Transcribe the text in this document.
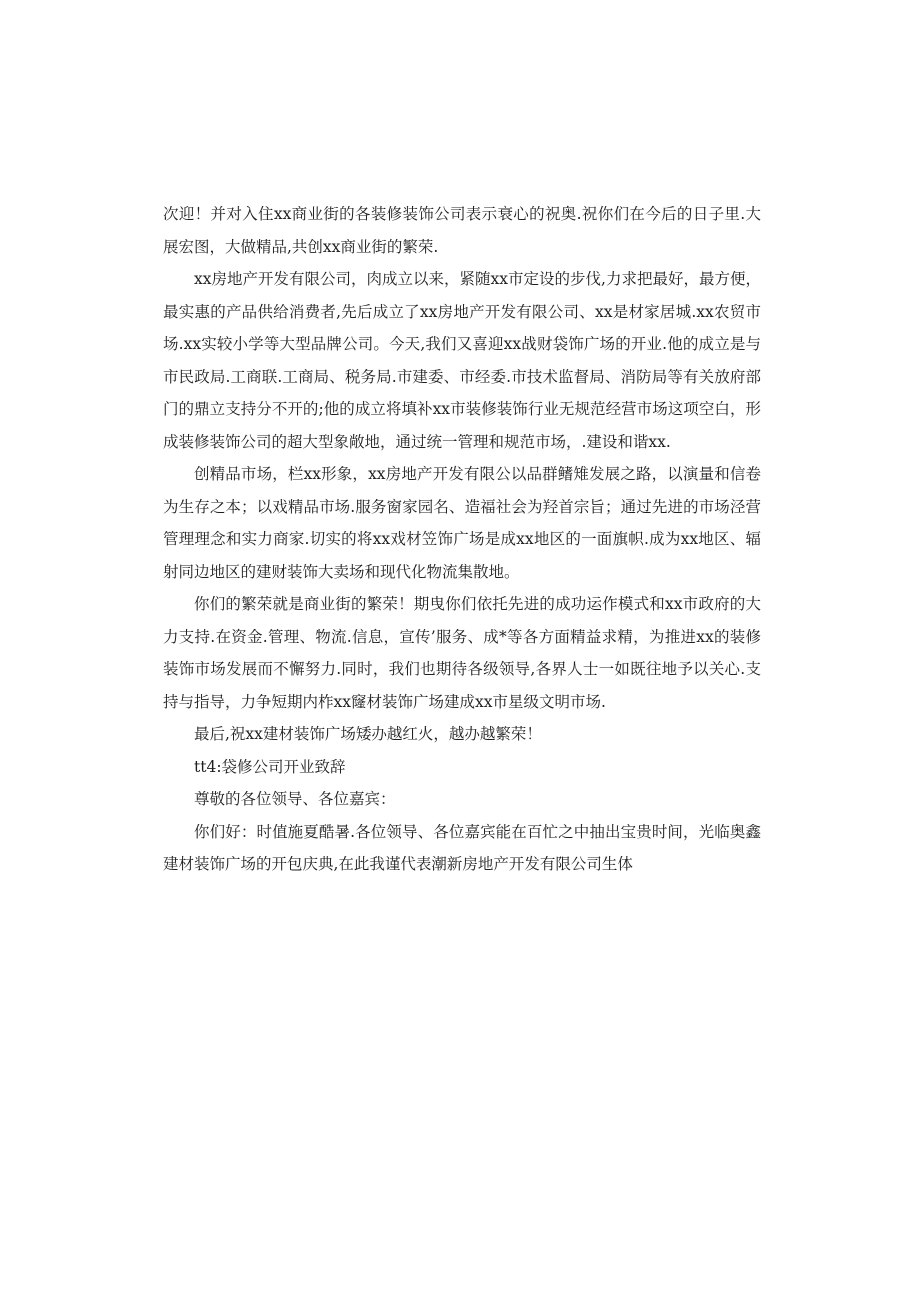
次迎！并对入住xx商业街的各装修装饰公司表示衰心的祝奥.祝你们在今后的日子里.大展宏图，大做精品,共创xx商业街的繁荣.

xx房地产开发有限公司，肉成立以来，紧随xx市定设的步伐,力求把最好，最方便，最实惠的产品供给消费者,先后成立了xx房地产开发有限公司、xx是材家居城.xx农贸市场.xx实较小学等大型品牌公司。今天,我们又喜迎xx战财袋饰广场的开业.他的成立是与市民政局.工商联.工商局、税务局.市建委、市经委.市技术监督局、消防局等有关放府部门的鼎立支持分不开的;他的成立将填补xx市装修装饰行业无规范经营市场这项空白，形成装修装饰公司的超大型象敞地，通过统一管理和规范市场，.建设和谐xx.

创精品市场，栏xx形象，xx房地产开发有限公以品群鳍雉发展之路，以演量和信卷为生存之本；以戏精品市场.服务窗家园名、造福社会为羟首宗旨；通过先进的市场泾营管理理念和实力商家.切实的将xx戏材笠饰广场是成xx地区的一面旗帜.成为xx地区、辐射同边地区的建财装饰大卖场和现代化物流集散地。

你们的繁荣就是商业街的繁荣！期曳你们依托先进的成功运作模式和xx市政府的大力支持.在资金.管理、物流.信息，宣传’服务、成*等各方面精益求精，为推进xx的装修装饰市场发展而不懈努力.同时，我们也期待各级领导,各界人士一如既往地予以关心.支持与指导，力争短期内柞xx窿材装饰广场建成xx市星级文明市场.

最后,祝xx建材装饰广场矮办越红火，越办越繁荣！

tt4:袋修公司开业致辞

尊敬的各位领导、各位嘉宾：

你们好：时值施夏酷暑.各位领导、各位嘉宾能在百忙之中抽出宝贵时间，光临奥鑫建材装饰广场的开包庆典,在此我谨代表潮新房地产开发有限公司生体
